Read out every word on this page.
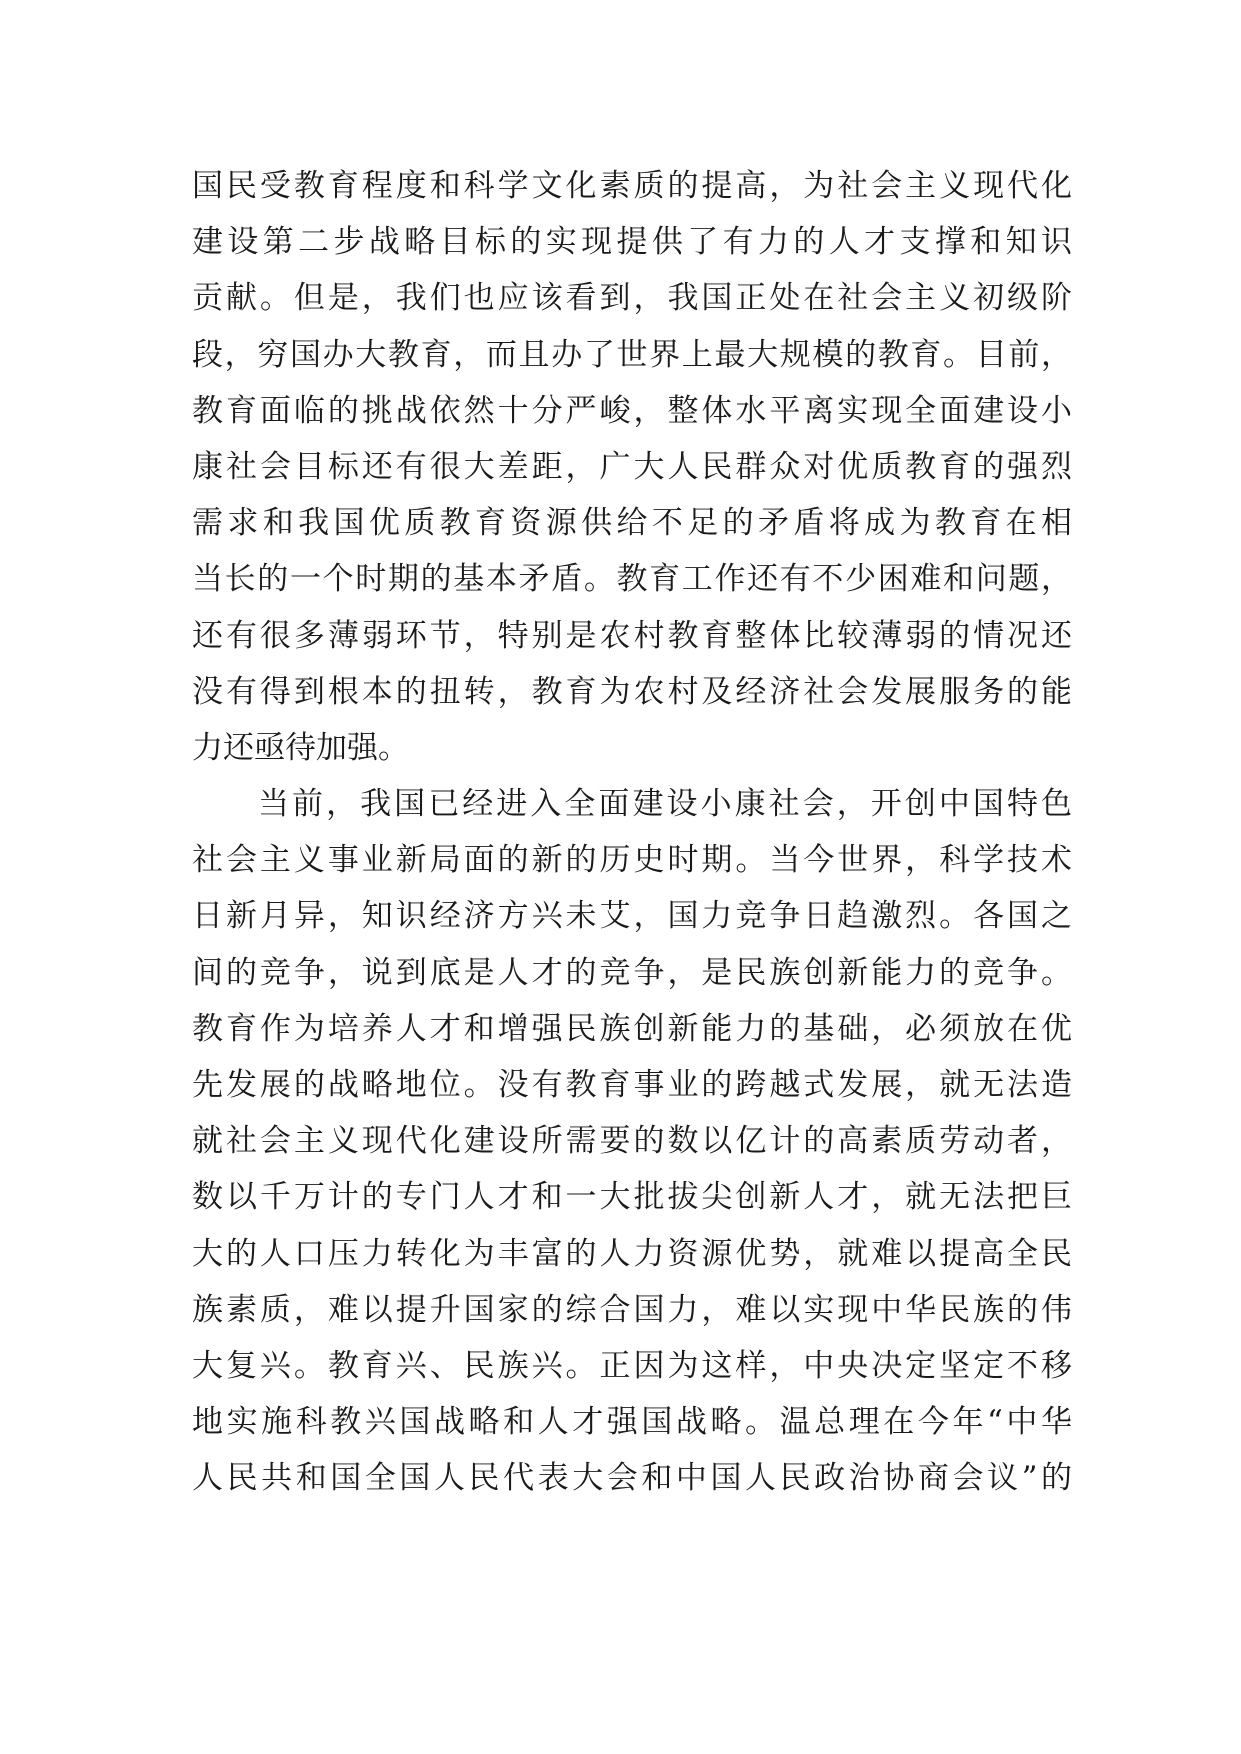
国民受教育程度和科学文化素质的提高，为社会主义现代化
建设第二步战略目标的实现提供了有力的人才支撑和知识
贡献。但是，我们也应该看到，我国正处在社会主义初级阶
段，穷国办大教育，而且办了世界上最大规模的教育。目前，
教育面临的挑战依然十分严峻，整体水平离实现全面建设小
康社会目标还有很大差距，广大人民群众对优质教育的强烈
需求和我国优质教育资源供给不足的矛盾将成为教育在相
当长的一个时期的基本矛盾。教育工作还有不少困难和问题，
还有很多薄弱环节，特别是农村教育整体比较薄弱的情况还
没有得到根本的扭转，教育为农村及经济社会发展服务的能
力还亟待加强。
当前，我国已经进入全面建设小康社会，开创中国特色
社会主义事业新局面的新的历史时期。当今世界，科学技术
日新月异，知识经济方兴未艾，国力竞争日趋激烈。各国之
间的竞争，说到底是人才的竞争，是民族创新能力的竞争。
教育作为培养人才和增强民族创新能力的基础，必须放在优
先发展的战略地位。没有教育事业的跨越式发展，就无法造
就社会主义现代化建设所需要的数以亿计的高素质劳动者，
数以千万计的专门人才和一大批拔尖创新人才，就无法把巨
大的人口压力转化为丰富的人力资源优势，就难以提高全民
族素质，难以提升国家的综合国力，难以实现中华民族的伟
大复兴。教育兴、民族兴。正因为这样，中央决定坚定不移
地实施科教兴国战略和人才强国战略。温总理在今年“中华
人民共和国全国人民代表大会和中国人民政治协商会议”的
